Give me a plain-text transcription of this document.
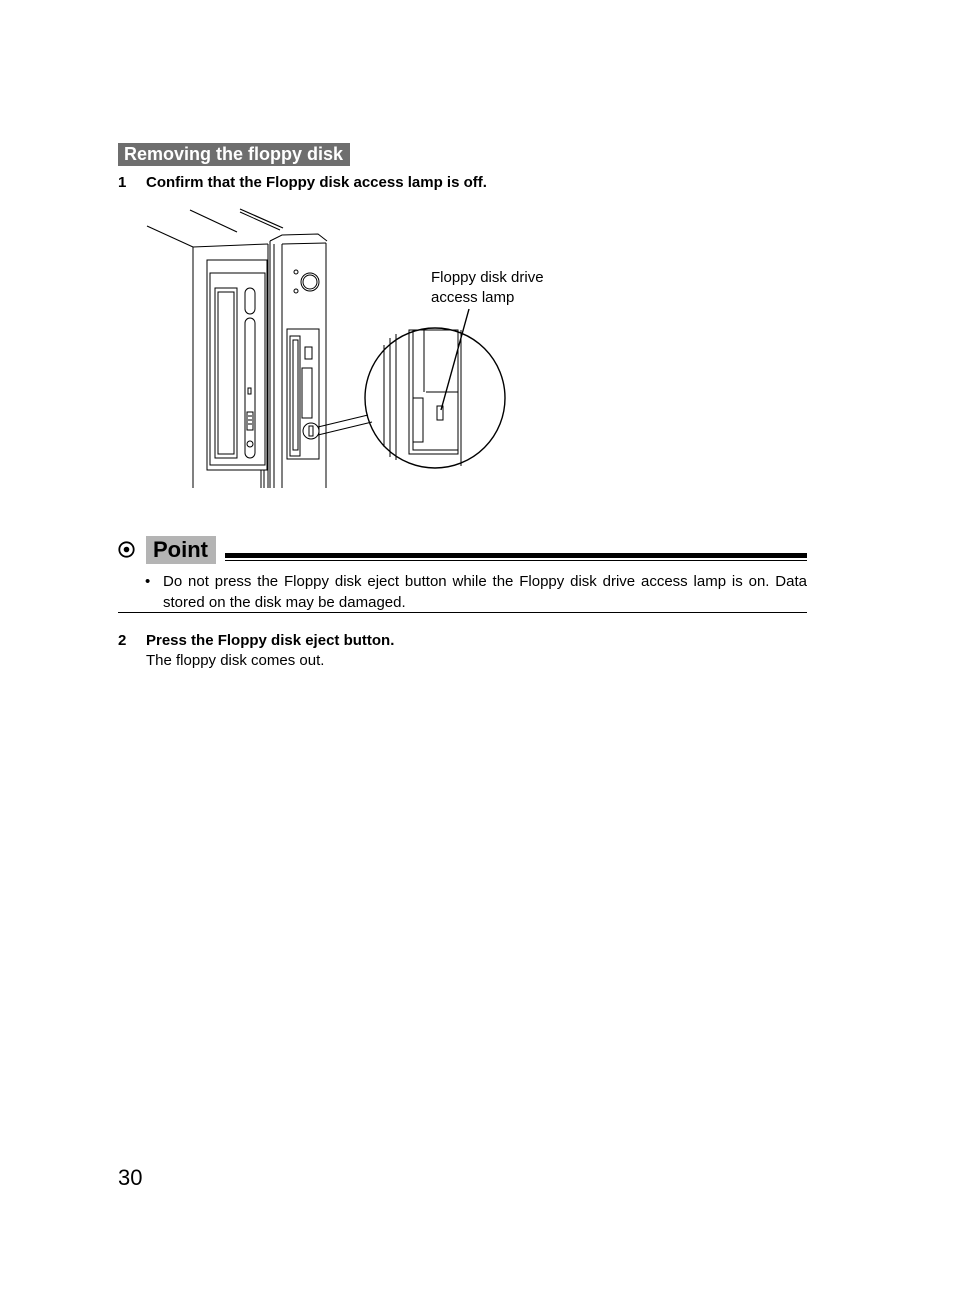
Removing the floppy disk
1 Confirm that the Floppy disk access lamp is off.
Floppy disk drive
access lamp
Point
• Do not press the Floppy disk eject button while the Floppy disk drive access lamp is on. Data stored on the disk may be damaged.
2 Press the Floppy disk eject button.
The floppy disk comes out.
30
